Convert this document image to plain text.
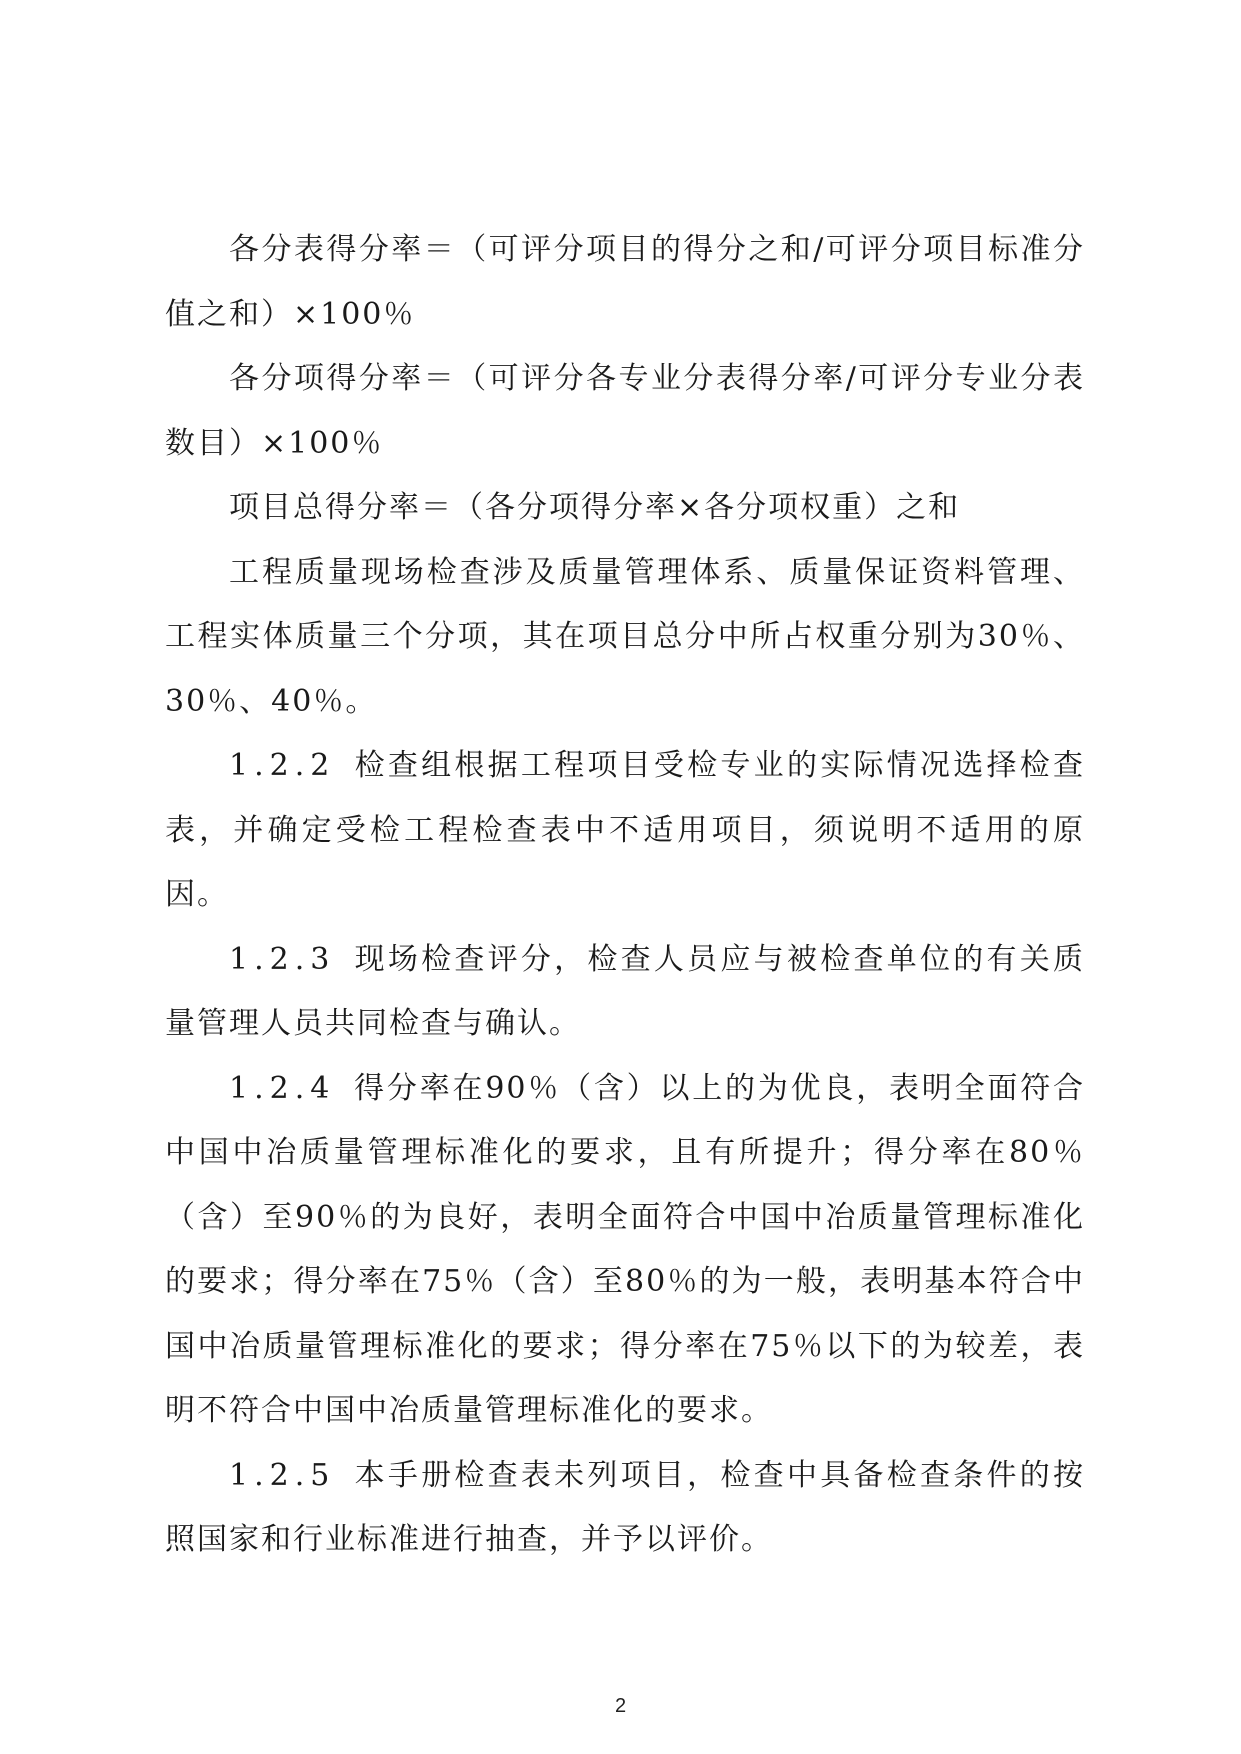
各分表得分率＝（可评分项目的得分之和/可评分项目标准分值之和）×100％

各分项得分率＝（可评分各专业分表得分率/可评分专业分表数目）×100％

项目总得分率＝（各分项得分率×各分项权重）之和

工程质量现场检查涉及质量管理体系、质量保证资料管理、工程实体质量三个分项，其在项目总分中所占权重分别为30％、30％、40％。

1.2.2 检查组根据工程项目受检专业的实际情况选择检查表，并确定受检工程检查表中不适用项目，须说明不适用的原因。

1.2.3 现场检查评分，检查人员应与被检查单位的有关质量管理人员共同检查与确认。

1.2.4 得分率在90％（含）以上的为优良，表明全面符合中国中冶质量管理标准化的要求，且有所提升；得分率在80％（含）至90％的为良好，表明全面符合中国中冶质量管理标准化的要求；得分率在75％（含）至80％的为一般，表明基本符合中国中冶质量管理标准化的要求；得分率在75％以下的为较差，表明不符合中国中冶质量管理标准化的要求。

1.2.5 本手册检查表未列项目，检查中具备检查条件的按照国家和行业标准进行抽查，并予以评价。

2
